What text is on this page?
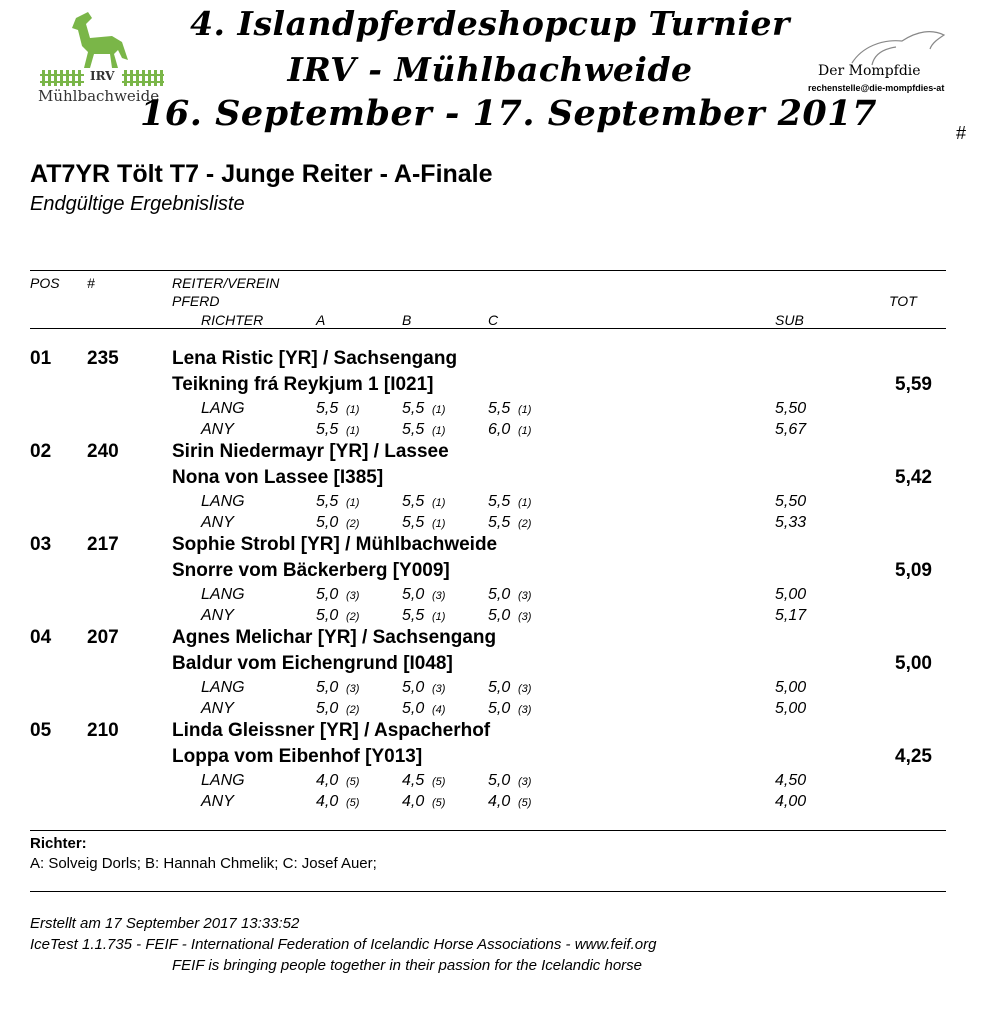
IRV
Mühlbachweide
4. Islandpferdeshopcup Turnier
IRV - Mühlbachweide
16. September - 17. September 2017
Der Mompfdie
rechenstelle@die-mompfdies-at
#
AT7YR Tölt T7 - Junge Reiter - A-Finale
Endgültige Ergebnisliste
POS #	REITER/VEREIN
PFERD	TOT
RICHTER	A	B	C	SUB
01 235	Lena Ristic [YR] / Sachsengang
Teikning frá Reykjum 1 [I021]	5,59
LANG	5,5 (1)	5,5 (1)	5,5 (1)	5,50
ANY	5,5 (1)	5,5 (1)	6,0 (1)	5,67
02 240	Sirin Niedermayr [YR] / Lassee
Nona von Lassee [I385]	5,42
LANG	5,5 (1)	5,5 (1)	5,5 (1)	5,50
ANY	5,0 (2)	5,5 (1)	5,5 (2)	5,33
03 217	Sophie Strobl [YR] / Mühlbachweide
Snorre vom Bäckerberg [Y009]	5,09
LANG	5,0 (3)	5,0 (3)	5,0 (3)	5,00
ANY	5,0 (2)	5,5 (1)	5,0 (3)	5,17
04 207	Agnes Melichar [YR] / Sachsengang
Baldur vom Eichengrund [I048]	5,00
LANG	5,0 (3)	5,0 (3)	5,0 (3)	5,00
ANY	5,0 (2)	5,0 (4)	5,0 (3)	5,00
05 210	Linda Gleissner [YR] / Aspacherhof
Loppa vom Eibenhof [Y013]	4,25
LANG	4,0 (5)	4,5 (5)	5,0 (3)	4,50
ANY	4,0 (5)	4,0 (5)	4,0 (5)	4,00
Richter:
A: Solveig Dorls; B: Hannah Chmelik; C: Josef Auer;
Erstellt am 17 September 2017 13:33:52
IceTest 1.1.735 - FEIF - International Federation of Icelandic Horse Associations - www.feif.org
FEIF is bringing people together in their passion for the Icelandic horse
